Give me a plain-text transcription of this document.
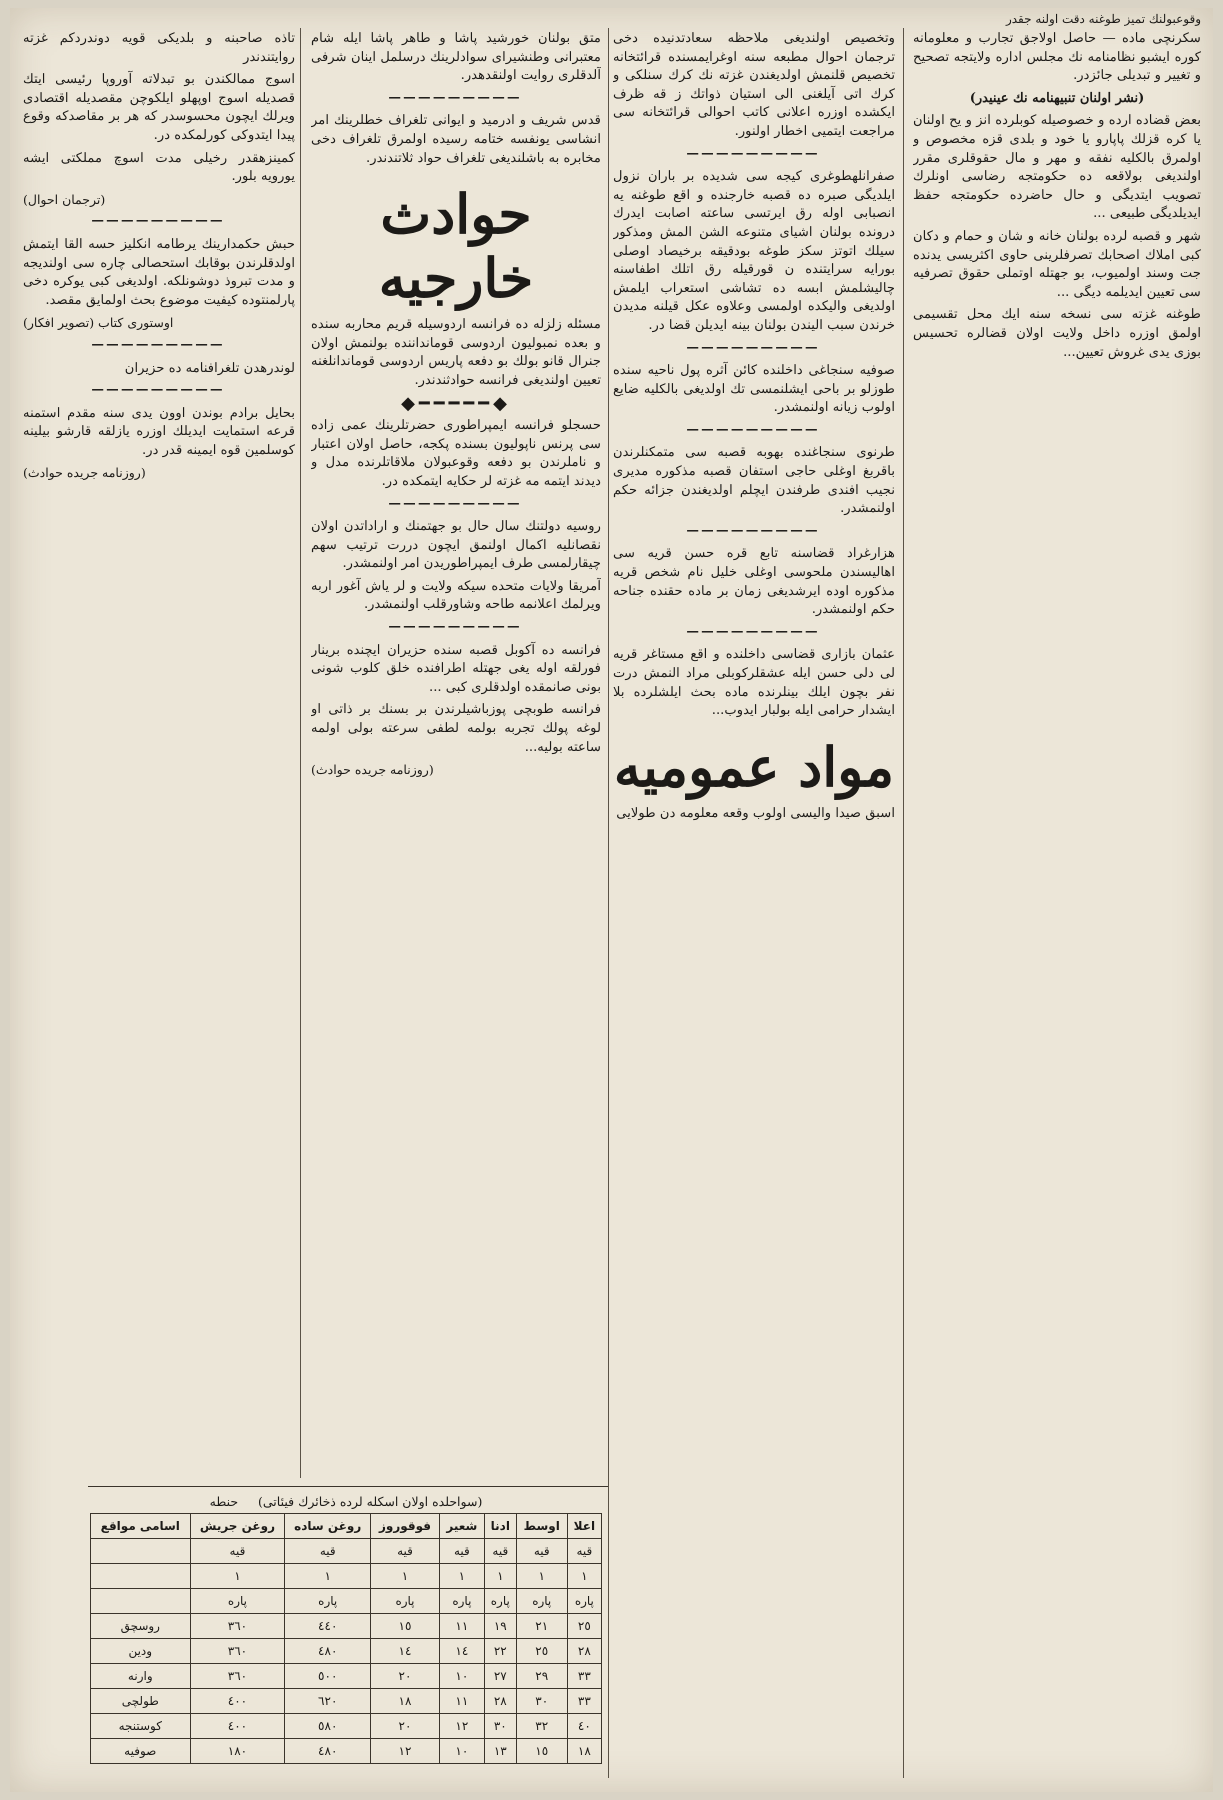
وقوعبولنك تمیز طوغنه دقت اولنه جقدر

سكرنچی ماده — حاصل اولاجق تجارب و معلومانه كوره ایشبو نظامنامه نك مجلس اداره ولایتجه تصحیح و تغییر و تبدیلی جائزدر.

(نشر اولنان تنبیهنامه نك عینیدر)

بعض قضاده ارده و خصوصیله كوبلرده انز و یح اولنان یا كره قزلك پاپارو یا خود و بلدی قزه مخصوص و اولمرق بالكلیه نفقه و مهر و مال حقوقلری مقرر اولندیغی بولاقعه ده حكومتجه رضاسی اونلرك تصویب ایتدیگی و حال حاضرده حكومتجه حفظ ایدیلدیگی طبیعی ...

شهر و قصبه لرده بولنان خانه و شان و حمام و دكان كبی املاك اصحابك تصرفلرینی حاوی اكثریسی یدنده جت وسند اولمیوب، بو جهتله اوتملی حقوق تصرفیه سی تعیین ایدیلمه دیگی ...

طوغنه غزته سی نسخه سنه ایك محل تقسیمی اولمق اوزره داخل ولایت اولان قضالره تحسیس بوزی یدی غروش تعیین...

وتخصیص اولندیغی ملاحظه سعادتدنیده دخی ترجمان احوال مطبعه سنه اوغرایمسنده قرائتخانه تخصیص قلنمش اولدیغندن غزته نك كرك سنلكی و كرك اتی آیلغنی الی استیان ذواتك ز قه ظرف ایكشده اوزره اعلانی كاتب احوالی قرائتخانه سی مراجعت ایتمیی اخطار اولنور.

─────────

صفرانلهطوغری كیجه سی شدیده بر باران نزول ایلدیگی صبره ده قصبه خارجنده و اقع طوغنه یه انصبابی اوله رق ایرتسی ساعته اصابت ایدرك درونده بولنان اشیای متنوعه الشن المش ومذكور سیلك اتوتز سكز طوغه بودقیقه برخیصاد اوصلی بورایه سرایتنده ن قورقیله رق اتلك اطفاسنه چالیشلمش ابسه ده تشاشی استعراب ایلمش اولدیغی والیكده اولمسی وعلاوه عكل قیلنه مدیدن خرندن سبب الیندن بولنان بینه ایدیلن قضا در.

─────────

صوفیه سنجاغی داخلنده كائن آثره پول ناحیه سنده طوزلو بر باحی ایشلنمسی تك اولدیغی بالكلیه ضایع اولوب زیانه اولنمشدر.

─────────

طرنوی سنجاغنده بهوبه قصبه سی متمكنلرندن باقربغ اوغلی حاجی استفان قصبه مذكوره مدیری نجیب افندی طرفندن ایچلم اولدیغندن جزائه حكم اولنمشدر.

─────────

هزارغراد قضاسنه تابع قره حسن قریه سی اهالیسندن ملحوسی اوغلی خلیل نام شخص قریه مذكوره اوده ایرشدیغی زمان بر ماده حقنده جناحه حكم اولنمشدر.

─────────

عثمان بازاری قضاسی داخلنده و اقع مستاغر قریه لی دلی حسن ایله عشقلركوبلی مراد النمش درت نفر بچون ایلك بینلرنده ماده بحث ایلشلرده بلا ایشدار حرامی ایله بولبار ایدوب...

مواد عمومیه

اسبق صیدا والیسی اولوب وقعه معلومه دن طولایی

متق بولنان خورشید پاشا و طاهر پاشا ایله شام معتبرانی وطنشیرای سوادلرینك درسلمل اینان شرفی آلدقلری روایت اولنقدهدر.

─────────

قدس شریف و ادرمید و ایوانی تلغراف خطلرینك امر انشاسی یونفسه ختامه رسیده اولمرق تلغراف دخی مخابره به باشلندیغی تلغراف حواد ثلاتندندر.

حوادث خارجیه

مسئله زلزله ده فرانسه اردوسیله قریم محاربه سنده و بعده نمبولیون اردوسی قومانداننده بولنمش اولان جنرال قانو بولك بو دفعه پاریس اردوسی قوماندانلغنه تعیین اولندیغی فرانسه حوادثندندر.

◆━━━━━◆

حسجلو فرانسه ایمپراطوری حضرتلرینك عمی زاده سی پرنس ناپولیون بسنده پكجه، حاصل اولان اعتبار و ناملرندن بو دفعه وقوعبولان ملاقاتلرنده مدل و دیدند ایتمه مه غزته لر حكایه ایتمكده در.

─────────

روسیه دولتنك سال حال بو جهتمنك و اراداتدن اولان نقصانلیه اكمال اولنمق ایچون دررت ترتیب سهم چیقارلمسی طرف ایمپراطوریدن امر اولنمشدر.

آمریقا ولایات متحده سیكه ولايت و لر یاش آغور اربه ویرلمك اعلانمه طاحه وشاورقلب اولنمشدر.

─────────

فرانسه ده آكوبل قصبه سنده حزیران ایچنده برینار فورلقه اوله یغی جهتله اطرافنده خلق كلوب شونی بونی صانمقده اولدقلری كبی ...

فرانسه طوبچی پوزباشیلرندن بر بسنك بر ذاتی او لوغه پولك تجربه بولمه لطفی سرعته بولی اولمه ساعته بولیه...

(روزنامه جریده حوادث)

تاذه صاحبنه و بلدیكی قویه دوندردكم غزته روایتندندر

اسوج ممالكندن بو تبدلاته آوروپا رئیسی ایتك قصدیله اسوج اوپهلو ایلكوچن مقصدیله اقتصادی ویرلك ایچون محسوسدر كه هر بر مقاصدكه وقوع پیدا ایتدوكی كورلمكده در.

كمینزهقدر رخیلی مدت اسوچ مملكتی ایشه یورویه بلور.

(ترجمان احوال)

─────────

حبش حكمدارینك یرطامه انكلیز حسه القا ایتمش اولدقلرندن بوقابك استحصالی چاره سی اولندیجه و مدت تبروذ دوشونلكه. اولدیغی كبی یوكره دخی پارلمنتوده كیفیت موضوع بحث اولمایق مقصد.

اوستوری كتاب (تصویر افكار)

─────────

لوندرهدن تلغرافنامه ده حزیران

─────────

بحایل برادم بوندن اوون یدی سنه مقدم استمنه قرعه استمایت ایدیلك اوزره یازلقه قارشو بیلینه كوسلمین قوه ایمینه قدر در.

(روزنامه جریده حوادث)

(سواحلده اولان اسكله لرده ذخائرك فیئاتی)     حنطه
اعلا	اوسط	ادنا	شعیر	فوقوروز	روغن ساده	روغن جریش	اسامی مواقع
قیه	قیه	قیه	قیه	قیه	قیه	قیه	
١	١	١	١	١	١	١	
پاره	پاره	پاره	پاره	پاره	پاره	پاره	
٢٥	٢١	١٩	١١	١٥	٤٤٠	٣٦٠	روسچق
٢٨	٢٥	٢٢	١٤	١٤	٤٨٠	٣٦٠	ودین
٣٣	٢٩	٢٧	١٠	٢٠	٥٠٠	٣٦٠	وارنه
٣٣	٣٠	٢٨	١١	١٨	٦٢٠	٤٠٠	طولچی
٤٠	٣٢	٣٠	١٢	٢٠	٥٨٠	٤٠٠	كوستنجه
١٨	١٥	١٣	١٠	١٢	٤٨٠	١٨٠	صوفیه
